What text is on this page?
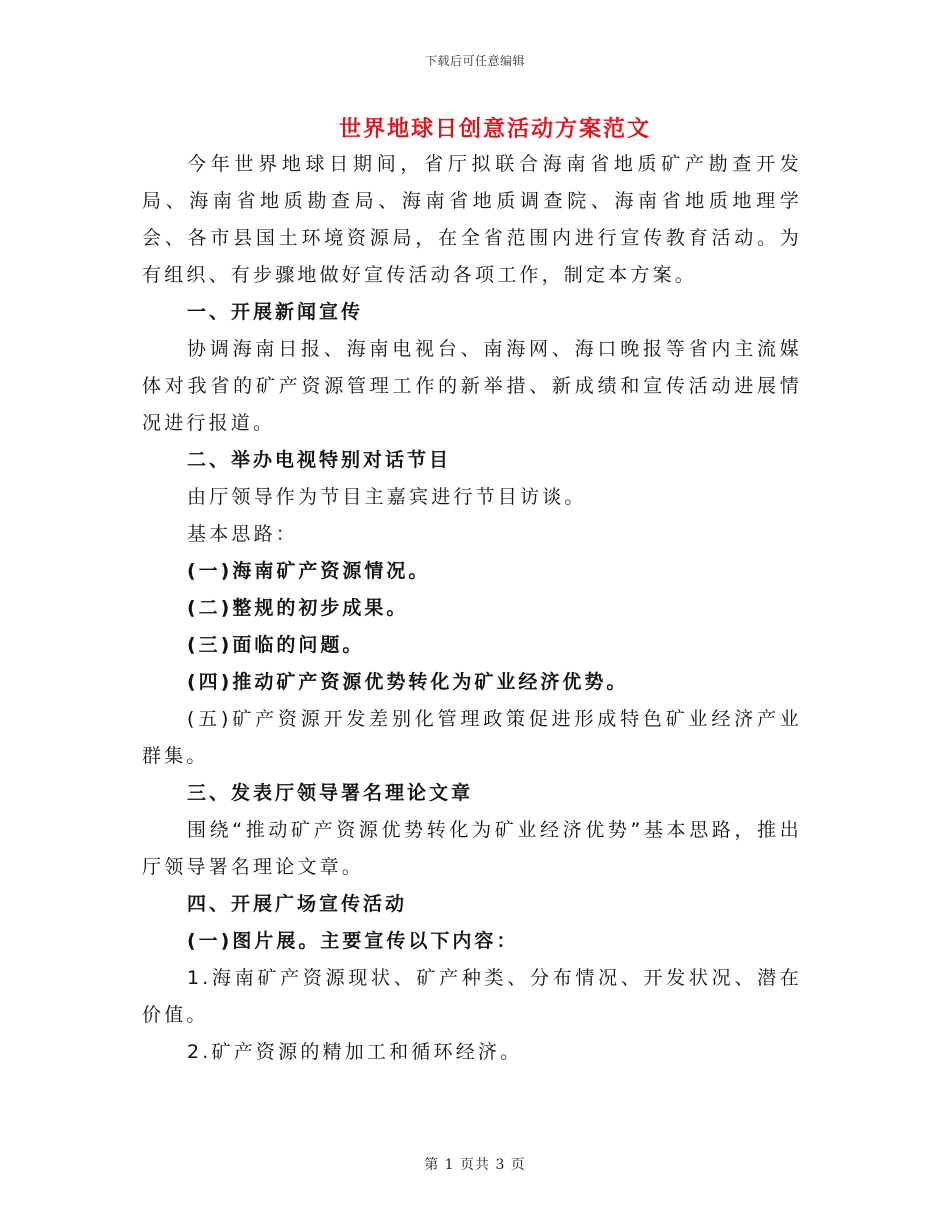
下载后可任意编辑
世界地球日创意活动方案范文

今年世界地球日期间，省厅拟联合海南省地质矿产勘查开发局、海南省地质勘查局、海南省地质调查院、海南省地质地理学会、各市县国土环境资源局，在全省范围内进行宣传教育活动。为有组织、有步骤地做好宣传活动各项工作，制定本方案。

一、开展新闻宣传

协调海南日报、海南电视台、南海网、海口晚报等省内主流媒体对我省的矿产资源管理工作的新举措、新成绩和宣传活动进展情况进行报道。

二、举办电视特别对话节目

由厅领导作为节目主嘉宾进行节目访谈。

基本思路：

(一)海南矿产资源情况。

(二)整规的初步成果。

(三)面临的问题。

(四)推动矿产资源优势转化为矿业经济优势。

(五)矿产资源开发差别化管理政策促进形成特色矿业经济产业群集。

三、发表厅领导署名理论文章

围绕“推动矿产资源优势转化为矿业经济优势”基本思路，推出厅领导署名理论文章。

四、开展广场宣传活动

(一)图片展。主要宣传以下内容：

1.海南矿产资源现状、矿产种类、分布情况、开发状况、潜在价值。

2.矿产资源的精加工和循环经济。

第 1 页共 3 页
